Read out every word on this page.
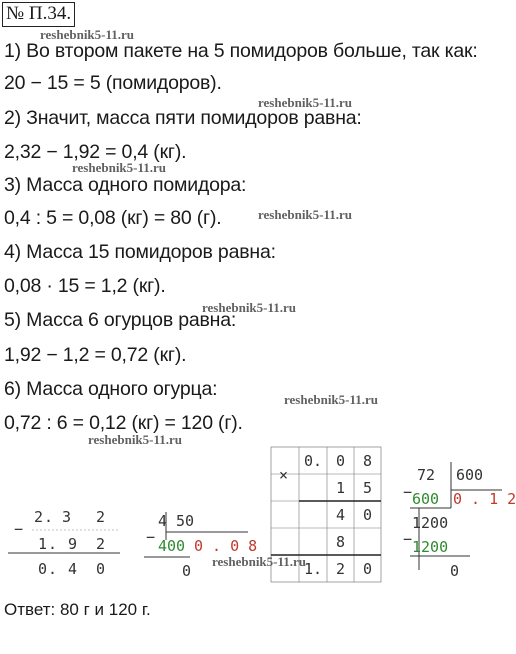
№ П.34.
1) Во втором пакете на 5 помидоров больше, так как:
20 − 15 = 5 (помидоров).
2) Значит, масса пяти помидоров равна:
2,32 − 1,92 = 0,4 (кг).
3) Масса одного помидора:
0,4 : 5 = 0,08 (кг) = 80 (г).
4) Масса 15 помидоров равна:
0,08 · 15 = 1,2 (кг).
5) Масса 6 огурцов равна:
1,92 − 1,2 = 0,72 (кг).
6) Масса одного огурца:
0,72 : 6 = 0,12 (кг) = 120 (г).
reshebnik5-11.ru
reshebnik5-11.ru
reshebnik5-11.ru
reshebnik5-11.ru
reshebnik5-11.ru
reshebnik5-11.ru
reshebnik5-11.ru
reshebnik5-11.ru
2 . 3 2
−
1 . 9 2
0 . 4 0
4 50
− 400 0 . 0 8
0
×
0. 0 8
1 5
4 0
8
1. 2 0
72 600
− 600 0 . 1 2
1200
− 1200
0
Ответ: 80 г и 120 г.
